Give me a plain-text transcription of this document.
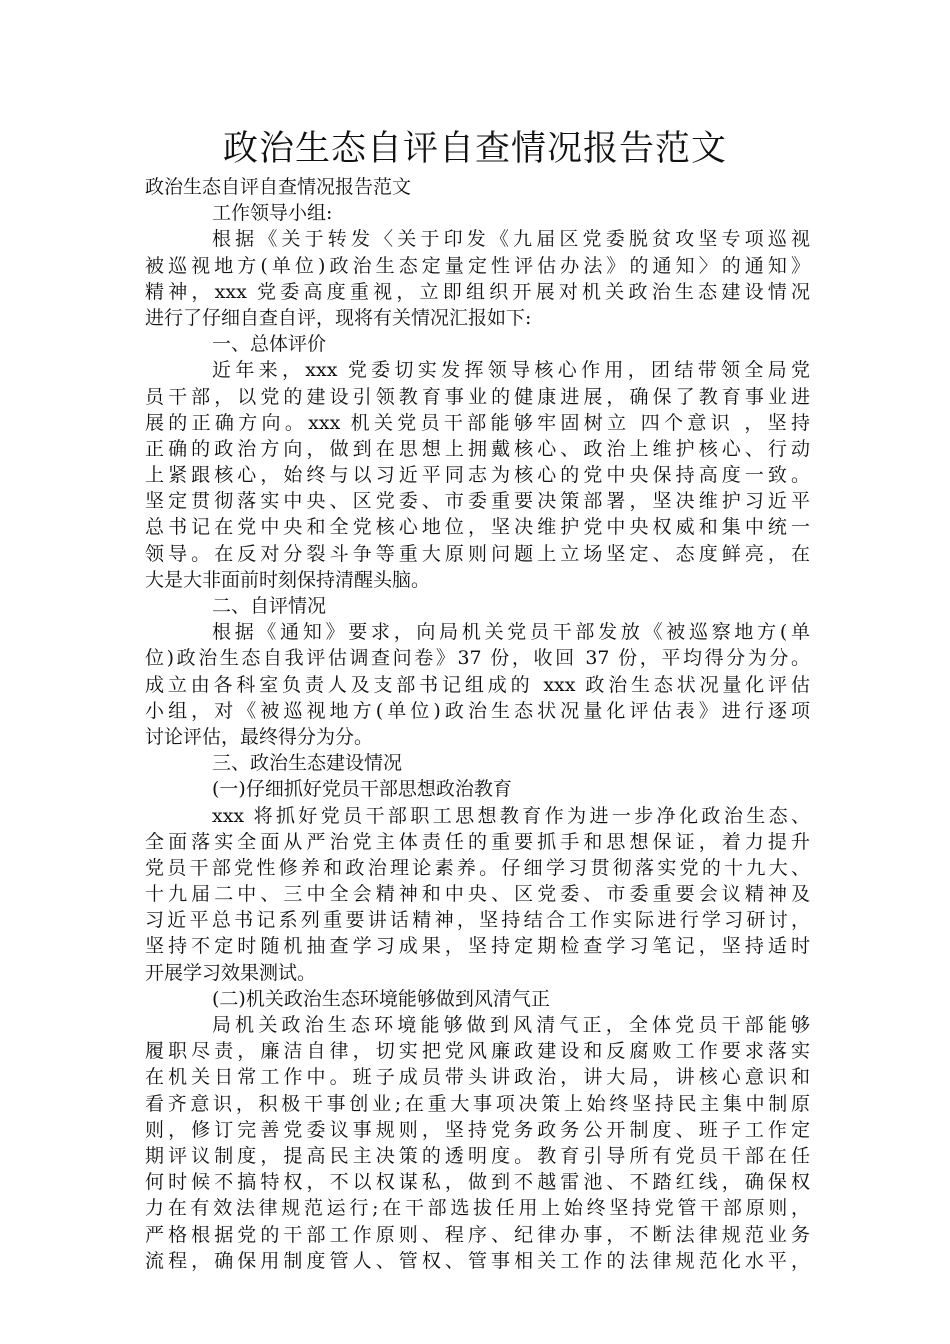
政治生态自评自查情况报告范文
政治生态自评自查情况报告范文
工作领导小组:
根据《关于转发〈关于印发《九届区党委脱贫攻坚专项巡视
被巡视地方(单位)政治生态定量定性评估办法》的通知〉的通知》
精神，xxx 党委高度重视，立即组织开展对机关政治生态建设情况
进行了仔细自查自评，现将有关情况汇报如下:
一、总体评价
近年来，xxx 党委切实发挥领导核心作用，团结带领全局党
员干部，以党的建设引领教育事业的健康进展，确保了教育事业进
展的正确方向。xxx 机关党员干部能够牢固树立 四个意识 ，坚持
正确的政治方向，做到在思想上拥戴核心、政治上维护核心、行动
上紧跟核心，始终与以习近平同志为核心的党中央保持高度一致。
坚定贯彻落实中央、区党委、市委重要决策部署，坚决维护习近平
总书记在党中央和全党核心地位，坚决维护党中央权威和集中统一
领导。在反对分裂斗争等重大原则问题上立场坚定、态度鲜亮，在
大是大非面前时刻保持清醒头脑。
二、自评情况
根据《通知》要求，向局机关党员干部发放《被巡察地方(单
位)政治生态自我评估调查问卷》37 份，收回 37 份，平均得分为分。
成立由各科室负责人及支部书记组成的 xxx 政治生态状况量化评估
小组，对《被巡视地方(单位)政治生态状况量化评估表》进行逐项
讨论评估，最终得分为分。
三、政治生态建设情况
(一)仔细抓好党员干部思想政治教育
xxx 将抓好党员干部职工思想教育作为进一步净化政治生态、
全面落实全面从严治党主体责任的重要抓手和思想保证，着力提升
党员干部党性修养和政治理论素养。仔细学习贯彻落实党的十九大、
十九届二中、三中全会精神和中央、区党委、市委重要会议精神及
习近平总书记系列重要讲话精神，坚持结合工作实际进行学习研讨，
坚持不定时随机抽查学习成果，坚持定期检查学习笔记，坚持适时
开展学习效果测试。
(二)机关政治生态环境能够做到风清气正
局机关政治生态环境能够做到风清气正，全体党员干部能够
履职尽责，廉洁自律，切实把党风廉政建设和反腐败工作要求落实
在机关日常工作中。班子成员带头讲政治，讲大局，讲核心意识和
看齐意识，积极干事创业;在重大事项决策上始终坚持民主集中制原
则，修订完善党委议事规则，坚持党务政务公开制度、班子工作定
期评议制度，提高民主决策的透明度。教育引导所有党员干部在任
何时候不搞特权，不以权谋私，做到不越雷池、不踏红线，确保权
力在有效法律规范运行;在干部选拔任用上始终坚持党管干部原则，
严格根据党的干部工作原则、程序、纪律办事，不断法律规范业务
流程，确保用制度管人、管权、管事相关工作的法律规范化水平，
